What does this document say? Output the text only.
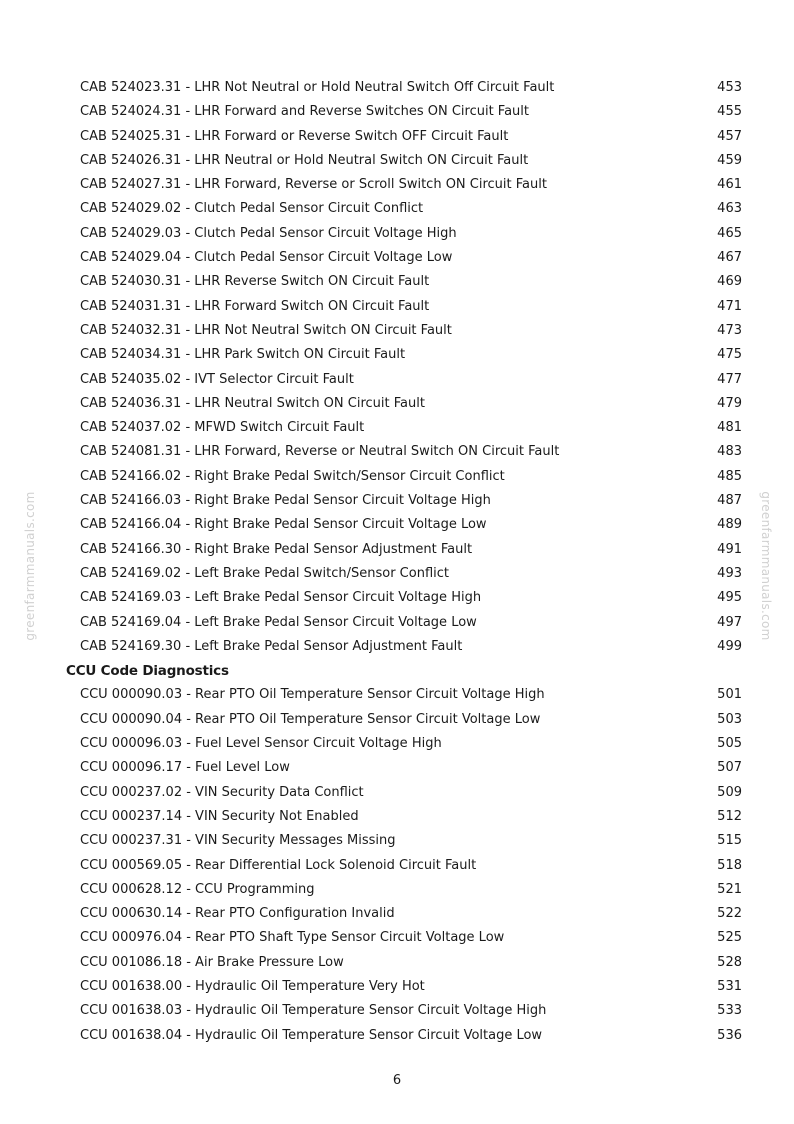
greenfarmmanuals.com	greenfarmmanuals.com
CAB 524023.31 - LHR Not Neutral or Hold Neutral Switch Off Circuit Fault	453
CAB 524024.31 - LHR Forward and Reverse Switches ON Circuit Fault	455
CAB 524025.31 - LHR Forward or Reverse Switch OFF Circuit Fault	457
CAB 524026.31 - LHR Neutral or Hold Neutral Switch ON Circuit Fault	459
CAB 524027.31 - LHR Forward, Reverse or Scroll Switch ON Circuit Fault	461
CAB 524029.02 - Clutch Pedal Sensor Circuit Conflict	463
CAB 524029.03 - Clutch Pedal Sensor Circuit Voltage High	465
CAB 524029.04 - Clutch Pedal Sensor Circuit Voltage Low	467
CAB 524030.31 - LHR Reverse Switch ON Circuit Fault	469
CAB 524031.31 - LHR Forward Switch ON Circuit Fault	471
CAB 524032.31 - LHR Not Neutral Switch ON Circuit Fault	473
CAB 524034.31 - LHR Park Switch ON Circuit Fault	475
CAB 524035.02 - IVT Selector Circuit Fault	477
CAB 524036.31 - LHR Neutral Switch ON Circuit Fault	479
CAB 524037.02 - MFWD Switch Circuit Fault	481
CAB 524081.31 - LHR Forward, Reverse or Neutral Switch ON Circuit Fault	483
CAB 524166.02 - Right Brake Pedal Switch/Sensor Circuit Conflict	485
CAB 524166.03 - Right Brake Pedal Sensor Circuit Voltage High	487
CAB 524166.04 - Right Brake Pedal Sensor Circuit Voltage Low	489
CAB 524166.30 - Right Brake Pedal Sensor Adjustment Fault	491
CAB 524169.02 - Left Brake Pedal Switch/Sensor Conflict	493
CAB 524169.03 - Left Brake Pedal Sensor Circuit Voltage High	495
CAB 524169.04 - Left Brake Pedal Sensor Circuit Voltage Low	497
CAB 524169.30 - Left Brake Pedal Sensor Adjustment Fault	499
CCU Code Diagnostics
CCU 000090.03 - Rear PTO Oil Temperature Sensor Circuit Voltage High	501
CCU 000090.04 - Rear PTO Oil Temperature Sensor Circuit Voltage Low	503
CCU 000096.03 - Fuel Level Sensor Circuit Voltage High	505
CCU 000096.17 - Fuel Level Low	507
CCU 000237.02 - VIN Security Data Conflict	509
CCU 000237.14 - VIN Security Not Enabled	512
CCU 000237.31 - VIN Security Messages Missing	515
CCU 000569.05 - Rear Differential Lock Solenoid Circuit Fault	518
CCU 000628.12 - CCU Programming	521
CCU 000630.14 - Rear PTO Configuration Invalid	522
CCU 000976.04 - Rear PTO Shaft Type Sensor Circuit Voltage Low	525
CCU 001086.18 - Air Brake Pressure Low	528
CCU 001638.00 - Hydraulic Oil Temperature Very Hot	531
CCU 001638.03 - Hydraulic Oil Temperature Sensor Circuit Voltage High	533
CCU 001638.04 - Hydraulic Oil Temperature Sensor Circuit Voltage Low	536
6
